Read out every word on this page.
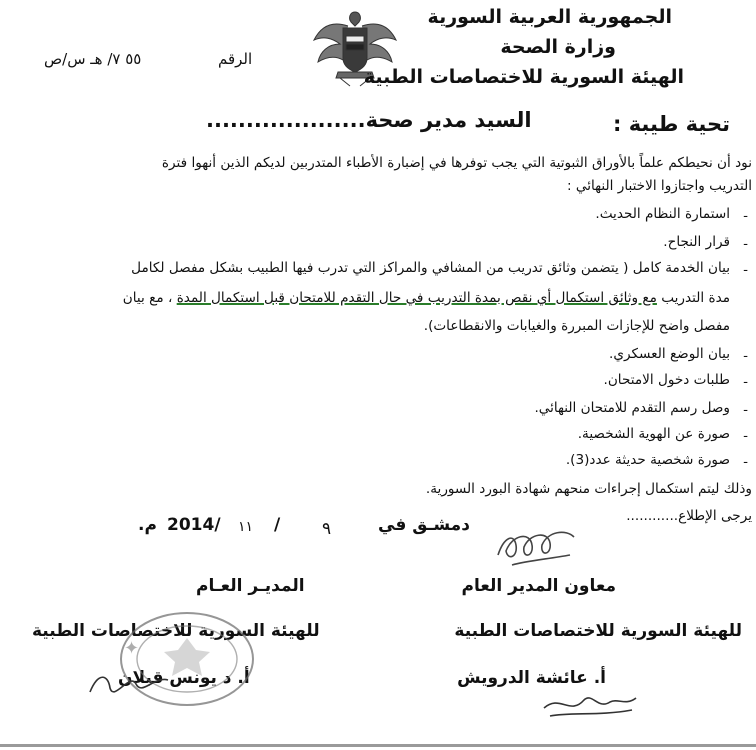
الجمهورية العربية السورية
وزارة الصحة
الهيئة السورية للاختصاصات الطبية
الرقم
٥٥ ٧/ هـ س/ص
تحية طيبة :
السيد مدير صحة....................
نود أن نحيطكم علماً بالأوراق الثبوتية التي يجب توفرها في إضبارة الأطباء المتدربين لديكم الذين أنهوا فترة
التدريب واجتازوا الاختبار النهائي :
-
استمارة النظام الحديث.
-
قرار النجاح.
-
بيان الخدمة كامل ( يتضمن وثائق تدريب من المشافي والمراكز التي تدرب فيها الطبيب بشكل مفصل لكامل
مدة التدريب مع وثائق استكمال أي نقص بمدة التدريب في حال التقدم للامتحان قبل استكمال المدة ، مع بيان
مفصل واضح للإجازات المبررة والغيابات والانقطاعات).
-
بيان الوضع العسكري.
-
طلبات دخول الامتحان.
-
وصل رسم التقدم للامتحان النهائي.
-
صورة عن الهوية الشخصية.
-
صورة شخصية حديثة عدد(3).
وذلك ليتم استكمال إجراءات منحهم شهادة البورد السورية.
يرجى الإطلاع............
دمشـق في
٩
/
١١
2014/
م.
معاون المدير العام
للهيئة السورية للاختصاصات الطبية
أ. عائشة الدرويش
المديـر العـام
للهيئة السورية للاختصاصات الطبية
أ. د يونس قبلان
✦
